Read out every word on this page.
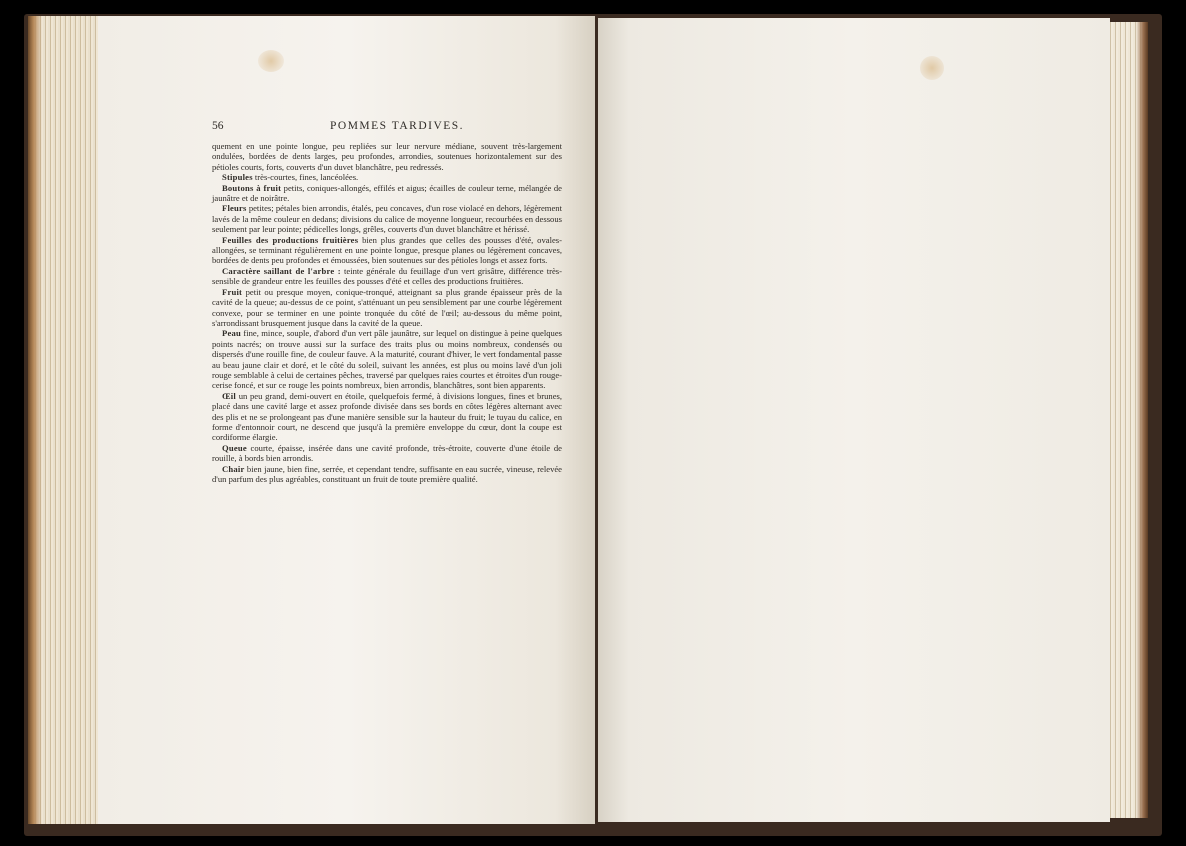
56	POMMES TARDIVES.

quement en une pointe longue, peu repliées sur leur nervure médiane, souvent très-largement ondulées, bordées de dents larges, peu profondes, arrondies, soutenues horizontalement sur des pétioles courts, forts, couverts d'un duvet blanchâtre, peu redressés.

Stipules très-courtes, fines, lancéolées.

Boutons à fruit petits, coniques-allongés, effilés et aigus; écailles de couleur terne, mélangée de jaunâtre et de noirâtre.

Fleurs petites; pétales bien arrondis, étalés, peu concaves, d'un rose violacé en dehors, légèrement lavés de la même couleur en dedans; divisions du calice de moyenne longueur, recourbées en dessous seulement par leur pointe; pédicelles longs, grêles, couverts d'un duvet blanchâtre et hérissé.

Feuilles des productions fruitières bien plus grandes que celles des pousses d'été, ovales-allongées, se terminant régulièrement en une pointe longue, presque planes ou légèrement concaves, bordées de dents peu profondes et émoussées, bien soutenues sur des pétioles longs et assez forts.

Caractère saillant de l'arbre : teinte générale du feuillage d'un vert grisâtre, différence très-sensible de grandeur entre les feuilles des pousses d'été et celles des productions fruitières.

Fruit petit ou presque moyen, conique-tronqué, atteignant sa plus grande épaisseur près de la cavité de la queue; au-dessus de ce point, s'atténuant un peu sensiblement par une courbe légèrement convexe, pour se terminer en une pointe tronquée du côté de l'œil; au-dessous du même point, s'arrondissant brusquement jusque dans la cavité de la queue.

Peau fine, mince, souple, d'abord d'un vert pâle jaunâtre, sur lequel on distingue à peine quelques points nacrés; on trouve aussi sur la surface des traits plus ou moins nombreux, condensés ou dispersés d'une rouille fine, de couleur fauve. A la maturité, courant d'hiver, le vert fondamental passe au beau jaune clair et doré, et le côté du soleil, suivant les années, est plus ou moins lavé d'un joli rouge semblable à celui de certaines pêches, traversé par quelques raies courtes et étroites d'un rouge-cerise foncé, et sur ce rouge les points nombreux, bien arrondis, blanchâtres, sont bien apparents.

Œil un peu grand, demi-ouvert en étoile, quelquefois fermé, à divisions longues, fines et brunes, placé dans une cavité large et assez profonde divisée dans ses bords en côtes légères alternant avec des plis et ne se prolongeant pas d'une manière sensible sur la hauteur du fruit; le tuyau du calice, en forme d'entonnoir court, ne descend que jusqu'à la première enveloppe du cœur, dont la coupe est cordiforme élargie.

Queue courte, épaisse, insérée dans une cavité profonde, très-étroite, couverte d'une étoile de rouille, à bords bien arrondis.

Chair bien jaune, bien fine, serrée, et cependant tendre, suffisante en eau sucrée, vineuse, relevée d'un parfum des plus agréables, constituant un fruit de toute première qualité.
